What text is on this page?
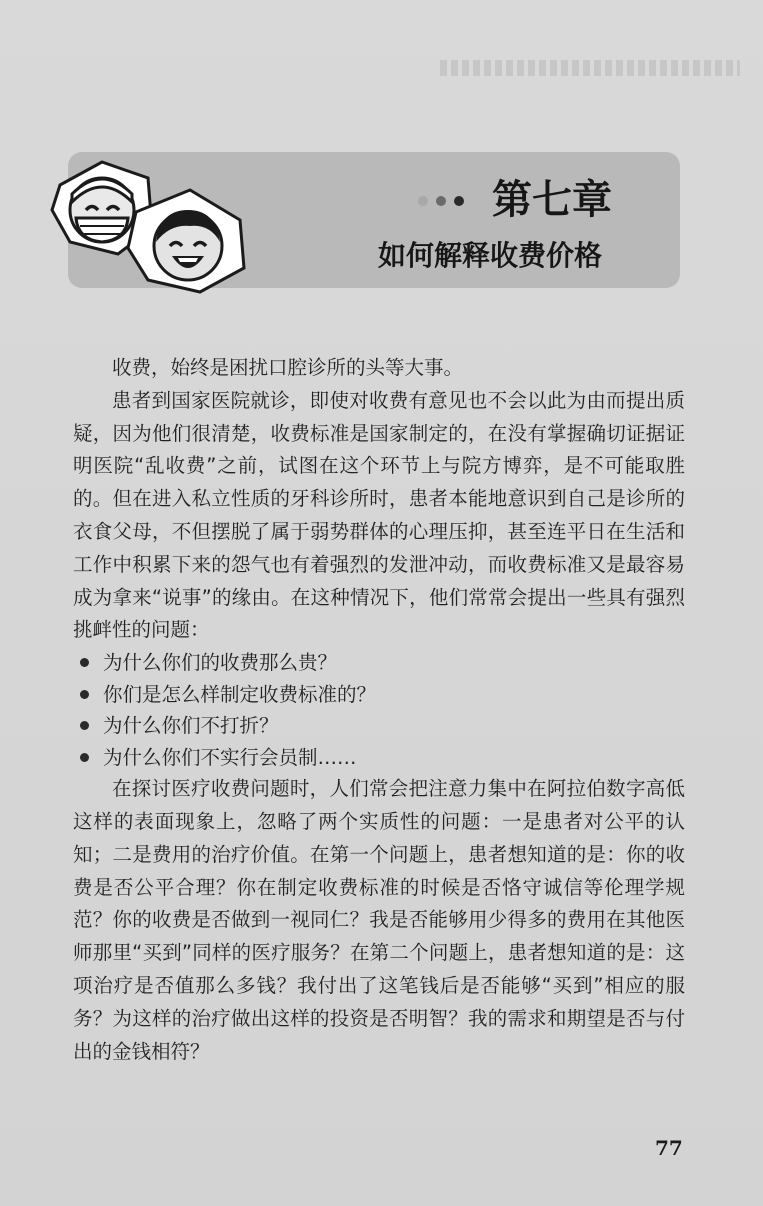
第七章
如何解释收费价格

收费，始终是困扰口腔诊所的头等大事。

患者到国家医院就诊，即使对收费有意见也不会以此为由而提出质疑，因为他们很清楚，收费标准是国家制定的，在没有掌握确切证据证明医院“乱收费”之前，试图在这个环节上与院方博弈，是不可能取胜的。但在进入私立性质的牙科诊所时，患者本能地意识到自己是诊所的衣食父母，不但摆脱了属于弱势群体的心理压抑，甚至连平日在生活和工作中积累下来的怨气也有着强烈的发泄冲动，而收费标准又是最容易成为拿来“说事”的缘由。在这种情况下，他们常常会提出一些具有强烈挑衅性的问题：

为什么你们的收费那么贵？
你们是怎么样制定收费标准的？
为什么你们不打折？
为什么你们不实行会员制……

在探讨医疗收费问题时，人们常会把注意力集中在阿拉伯数字高低这样的表面现象上，忽略了两个实质性的问题：一是患者对公平的认知；二是费用的治疗价值。在第一个问题上，患者想知道的是：你的收费是否公平合理？你在制定收费标准的时候是否恪守诚信等伦理学规范？你的收费是否做到一视同仁？我是否能够用少得多的费用在其他医师那里“买到”同样的医疗服务？在第二个问题上，患者想知道的是：这项治疗是否值那么多钱？我付出了这笔钱后是否能够“买到”相应的服务？为这样的治疗做出这样的投资是否明智？我的需求和期望是否与付出的金钱相符？

77
